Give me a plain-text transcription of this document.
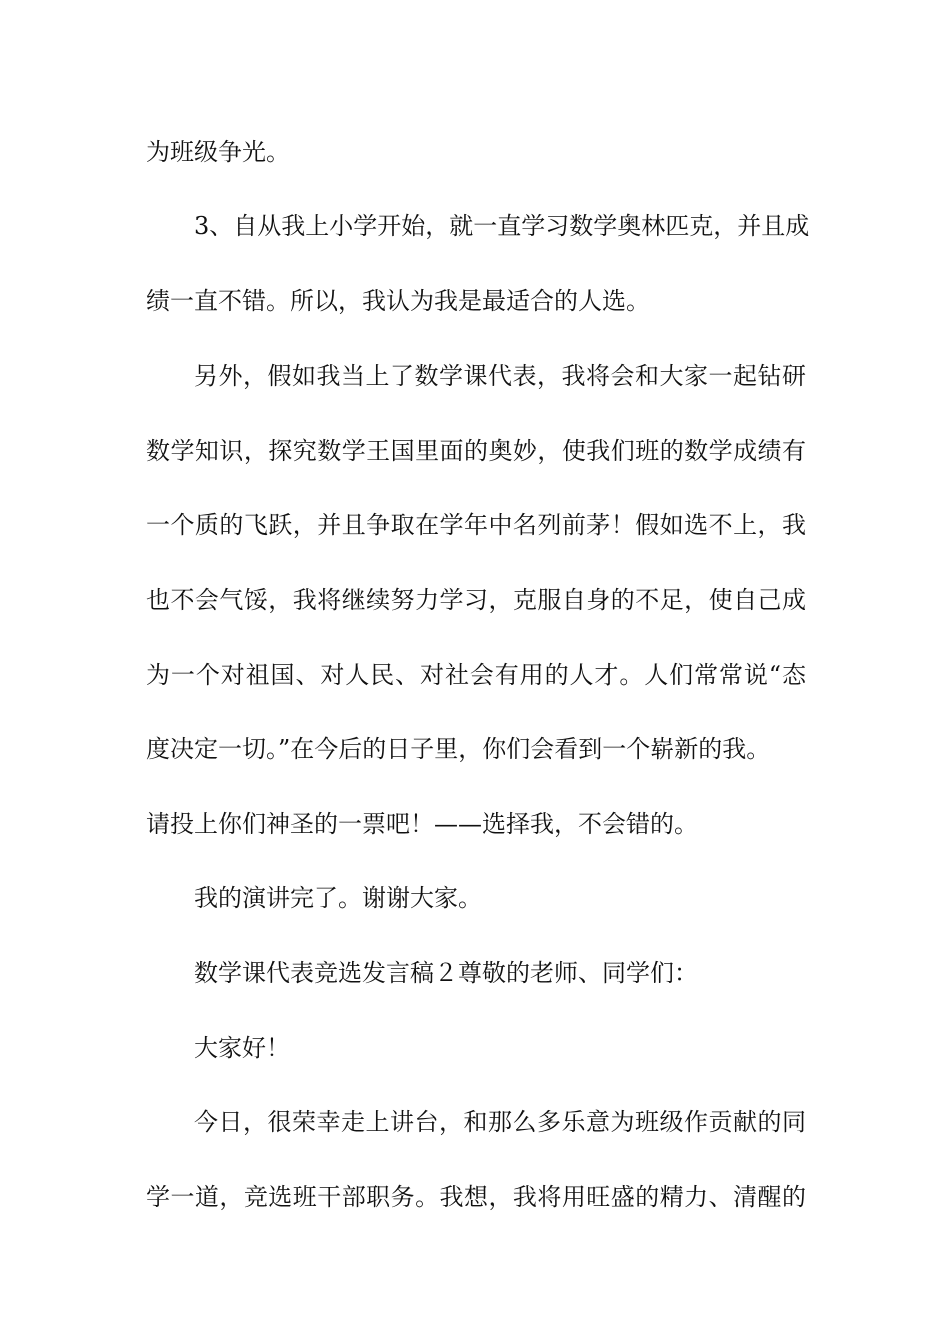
为班级争光。
3、自从我上小学开始，就一直学习数学奥林匹克，并且成
绩一直不错。所以，我认为我是最适合的人选。
另外，假如我当上了数学课代表，我将会和大家一起钻研
数学知识，探究数学王国里面的奥妙，使我们班的数学成绩有
一个质的飞跃，并且争取在学年中名列前茅！假如选不上，我
也不会气馁，我将继续努力学习，克服自身的不足，使自己成
为一个对祖国、对人民、对社会有用的人才。人们常常说“态
度决定一切。”在今后的日子里，你们会看到一个崭新的我。
请投上你们神圣的一票吧！——选择我，不会错的。
我的演讲完了。谢谢大家。
数学课代表竞选发言稿２尊敬的老师、同学们：
大家好！
今日，很荣幸走上讲台，和那么多乐意为班级作贡献的同
学一道，竞选班干部职务。我想，我将用旺盛的精力、清醒的
